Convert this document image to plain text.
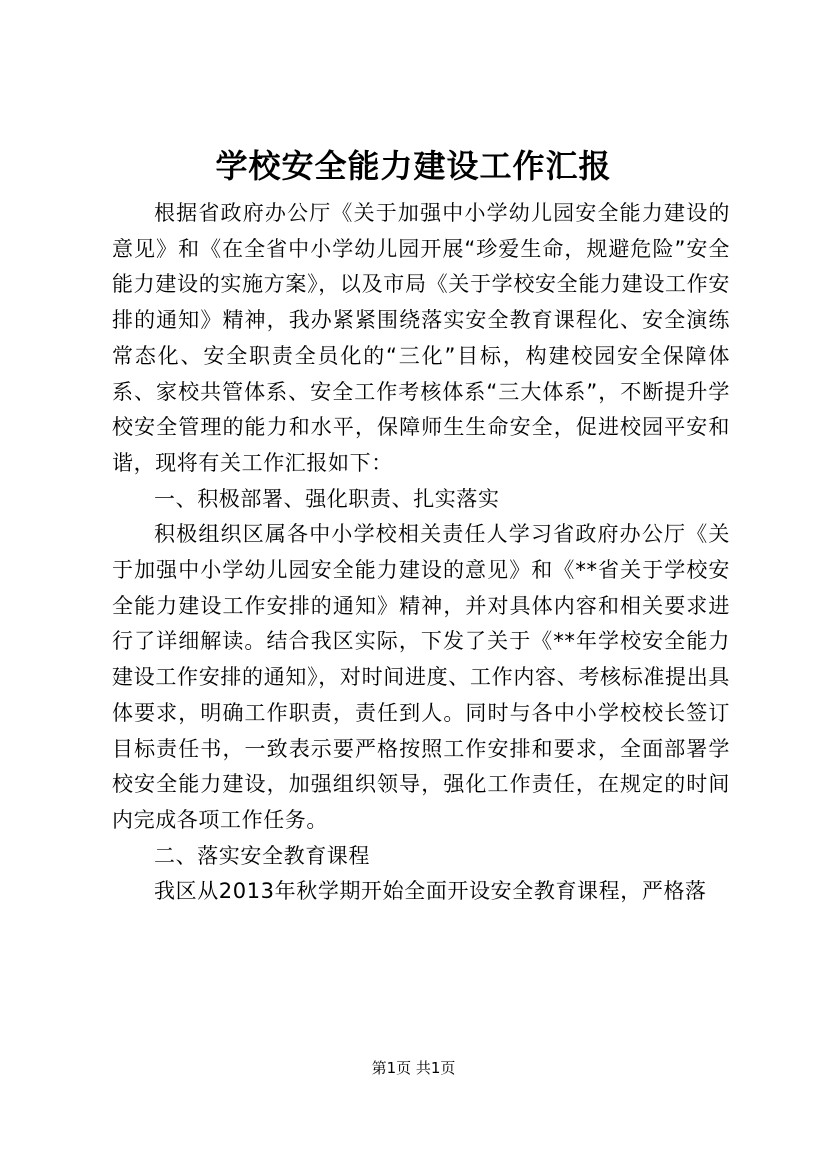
学校安全能力建设工作汇报

根据省政府办公厅《关于加强中小学幼儿园安全能力建设的意见》和《在全省中小学幼儿园开展“珍爱生命，规避危险”安全能力建设的实施方案》，以及市局《关于学校安全能力建设工作安排的通知》精神，我办紧紧围绕落实安全教育课程化、安全演练常态化、安全职责全员化的“三化”目标，构建校园安全保障体系、家校共管体系、安全工作考核体系“三大体系”，不断提升学校安全管理的能力和水平，保障师生生命安全，促进校园平安和谐，现将有关工作汇报如下：

一、积极部署、强化职责、扎实落实

积极组织区属各中小学校相关责任人学习省政府办公厅《关于加强中小学幼儿园安全能力建设的意见》和《**省关于学校安全能力建设工作安排的通知》精神，并对具体内容和相关要求进行了详细解读。结合我区实际，下发了关于《**年学校安全能力建设工作安排的通知》，对时间进度、工作内容、考核标准提出具体要求，明确工作职责，责任到人。同时与各中小学校校长签订目标责任书，一致表示要严格按照工作安排和要求，全面部署学校安全能力建设，加强组织领导，强化工作责任，在规定的时间内完成各项工作任务。

二、落实安全教育课程

我区从2013年秋学期开始全面开设安全教育课程，严格落

第1页 共1页
